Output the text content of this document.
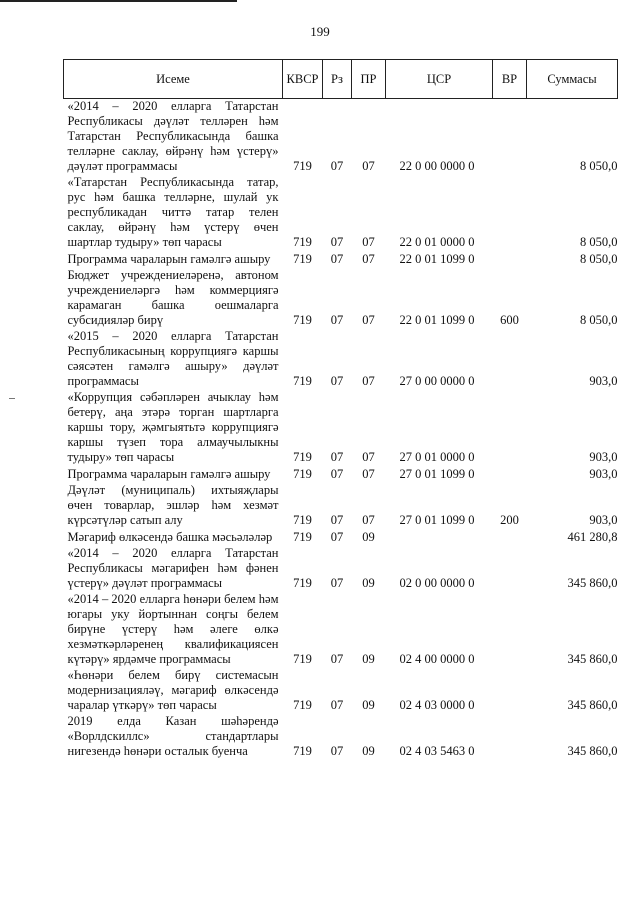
199
Исеме	КВСР	Рз	ПР	ЦСР	ВР	Суммасы
«2014 – 2020 елларга Татарстан Республикасы дәүләт телләрен һәм Татарстан Республикасында башка телләрне саклау, өйрәнү һәм үстерү» дәүләт программасы	719	07	07	22 0 00 0000 0		8 050,0
«Татарстан Республикасында татар, рус һәм башка телләрне, шулай ук республикадан читтә татар телен саклау, өйрәнү һәм үстерү өчен шартлар тудыру» төп чарасы	719	07	07	22 0 01 0000 0		8 050,0
Программа чараларын гамәлгә ашыру	719	07	07	22 0 01 1099 0		8 050,0
Бюджет учреждениеләренә, автоном учреждениеләргә һәм коммерциягә карамаган башка оешмаларга субсидияләр бирү	719	07	07	22 0 01 1099 0	600	8 050,0
«2015 – 2020 елларга Татарстан Республикасының коррупциягә каршы сәясәтен гамәлгә ашыру» дәүләт программасы	719	07	07	27 0 00 0000 0		903,0
«Коррупция сәбәпләрен ачыклау һәм бетерү, аңа этәрә торган шартларга каршы тору, җәмгыятьтә коррупциягә каршы түзеп тора алмаучылыкны тудыру» төп чарасы	719	07	07	27 0 01 0000 0		903,0
Программа чараларын гамәлгә ашыру	719	07	07	27 0 01 1099 0		903,0
Дәүләт (муниципаль) ихтыяҗлары өчен товарлар, эшләр һәм хезмәт күрсәтүләр сатып алу	719	07	07	27 0 01 1099 0	200	903,0
Мәгариф өлкәсендә башка мәсьәләләр	719	07	09			461 280,8
«2014 – 2020 елларга Татарстан Республикасы мәгарифен һәм фәнен үстерү» дәүләт программасы	719	07	09	02 0 00 0000 0		345 860,0
«2014 – 2020 елларга һөнәри белем һәм югары уку йортыннан соңгы белем бирүне үстерү һәм әлеге өлкә хезмәткәрләренең квалификациясен күтәрү» ярдәмче программасы	719	07	09	02 4 00 0000 0		345 860,0
«Һөнәри белем бирү системасын модернизацияләү, мәгариф өлкәсендә чаралар үткәрү» төп чарасы	719	07	09	02 4 03 0000 0		345 860,0
2019 елда Казан шәһәрендә «Ворлдскиллс» стандартлары нигезендә һөнәри осталык буенча	719	07	09	02 4 03 5463 0		345 860,0
